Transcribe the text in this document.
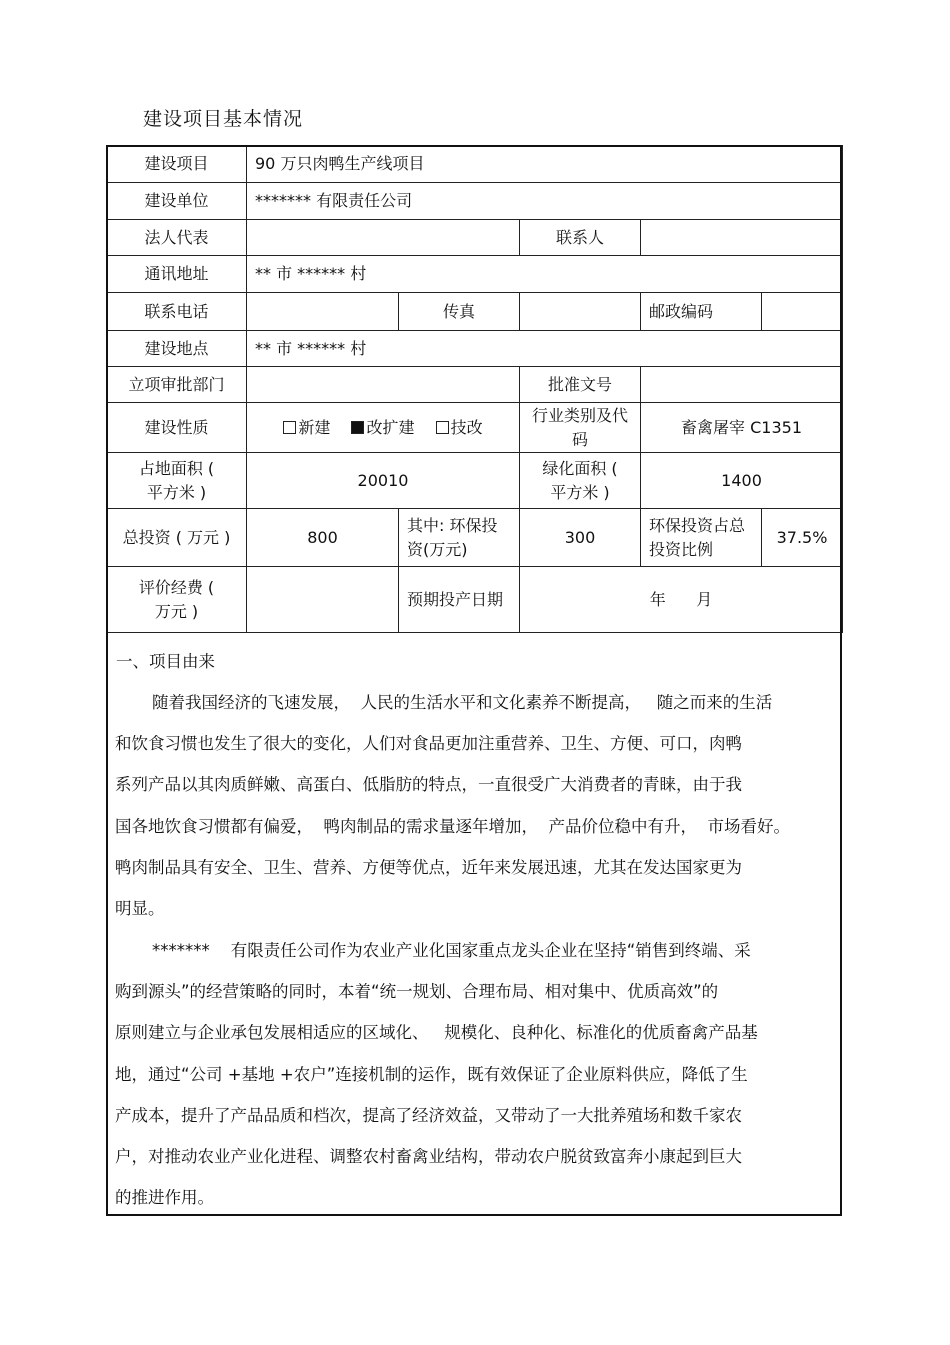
建设项目基本情况
建设项目	90 万只肉鸭生产线项目				
建设单位	******* 有限责任公司				
法人代表			联系人		
通讯地址	** 市 ****** 村				
联系电话		传真		邮政编码	
建设地点	** 市 ****** 村				
立项审批部门			批准文号		
建设性质	新建 改扩建 技改		行业类别及代码	畜禽屠宰 C1351	
占地面积 ( 平方米 )	20010		绿化面积 ( 平方米 )	1400	
总投资 ( 万元 )	800	其中: 环保投资(万元)	300	环保投资占总投资比例	37.5%
评价经费 ( 万元 )		预期投产日期	年      月		
一、项目由来
随着我国经济的飞速发展，  人民的生活水平和文化素养不断提高，   随之而来的生活
和饮食习惯也发生了很大的变化，人们对食品更加注重营养、卫生、方便、可口，肉鸭
系列产品以其肉质鲜嫩、高蛋白、低脂肪的特点，一直很受广大消费者的青睐，由于我
国各地饮食习惯都有偏爱，  鸭肉制品的需求量逐年增加，  产品价位稳中有升，  市场看好。
鸭肉制品具有安全、卫生、营养、方便等优点，近年来发展迅速，尤其在发达国家更为
明显。
*******    有限责任公司作为农业产业化国家重点龙头企业在坚持“销售到终端、采
购到源头”的经营策略的同时，本着“统一规划、合理布局、相对集中、优质高效”的
原则建立与企业承包发展相适应的区域化、   规模化、良种化、标准化的优质畜禽产品基
地，通过“公司 +基地 +农户”连接机制的运作，既有效保证了企业原料供应，降低了生
产成本，提升了产品品质和档次，提高了经济效益，又带动了一大批养殖场和数千家农
户，对推动农业产业化进程、调整农村畜禽业结构，带动农户脱贫致富奔小康起到巨大
的推进作用。
